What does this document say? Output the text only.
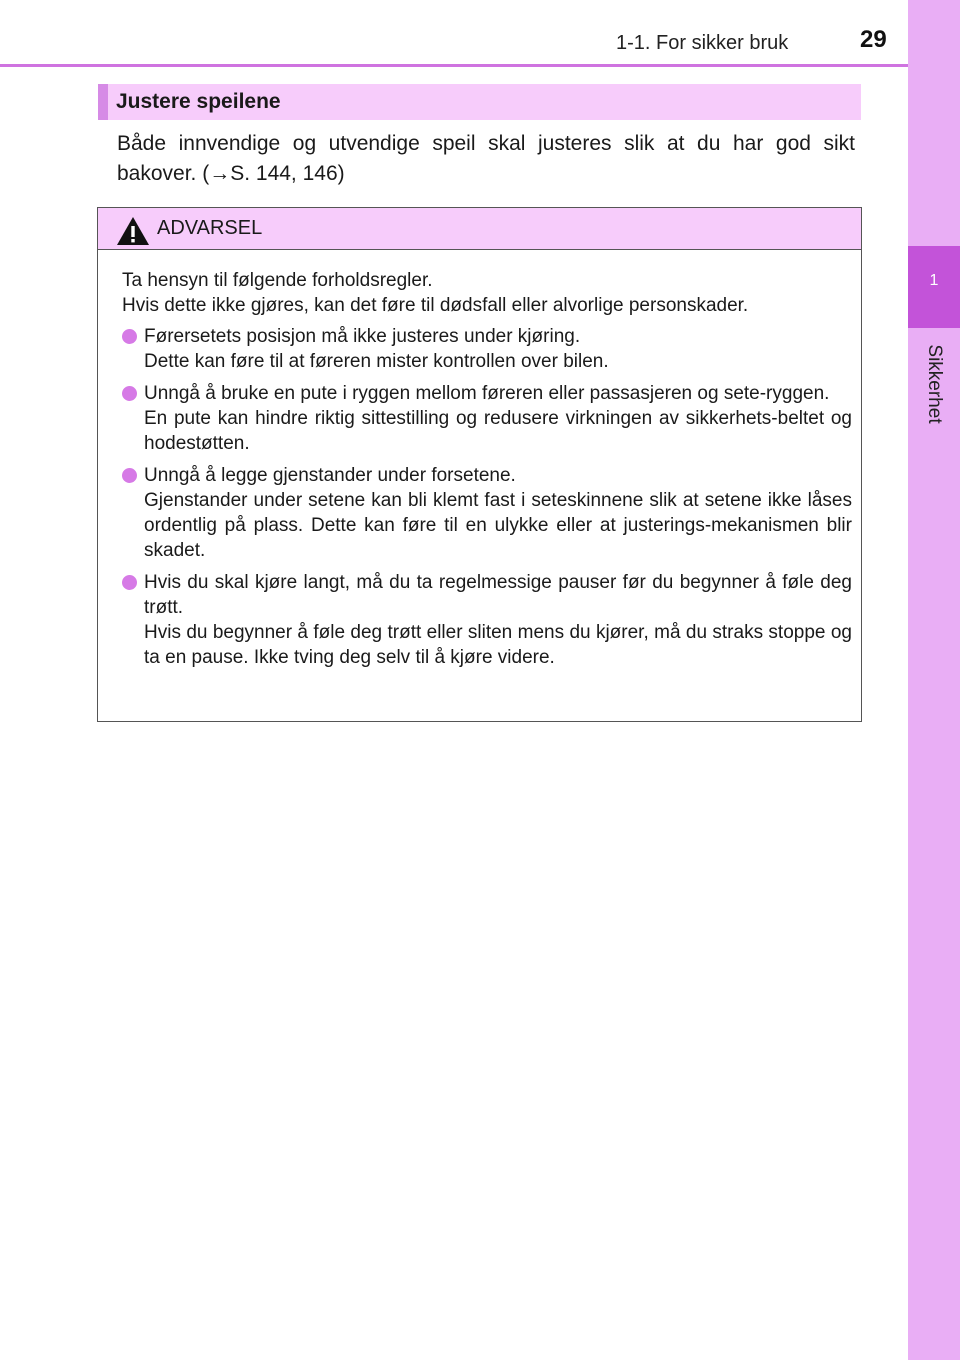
1
Sikkerhet
1-1. For sikker bruk	29
Justere speilene
Både innvendige og utvendige speil skal justeres slik at du har god sikt bakover. (→S. 144, 146)
ADVARSEL

Ta hensyn til følgende forholdsregler.

Hvis dette ikke gjøres, kan det føre til dødsfall eller alvorlige personskader.

Førersetets posisjon må ikke justeres under kjøring.
Dette kan føre til at føreren mister kontrollen over bilen.
Unngå å bruke en pute i ryggen mellom føreren eller passasjeren og sete-ryggen.
En pute kan hindre riktig sittestilling og redusere virkningen av sikkerhets-beltet og hodestøtten.
Unngå å legge gjenstander under forsetene.
Gjenstander under setene kan bli klemt fast i seteskinnene slik at setene ikke låses ordentlig på plass. Dette kan føre til en ulykke eller at justerings-mekanismen blir skadet.
Hvis du skal kjøre langt, må du ta regelmessige pauser før du begynner å føle deg trøtt.
Hvis du begynner å føle deg trøtt eller sliten mens du kjører, må du straks stoppe og ta en pause. Ikke tving deg selv til å kjøre videre.
